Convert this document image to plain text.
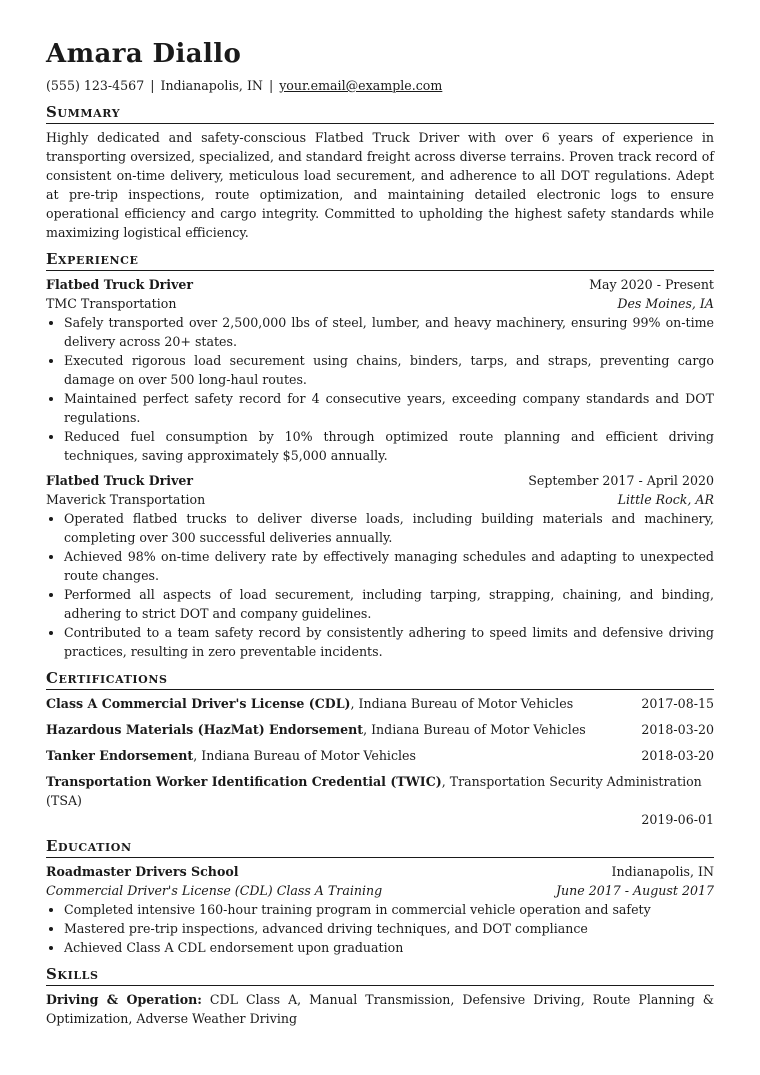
Amara Diallo
(555) 123-4567 | Indianapolis, IN | your.email@example.com
Summary

Highly dedicated and safety-conscious Flatbed Truck Driver with over 6 years of experience in transporting oversized, specialized, and standard freight across diverse terrains. Proven track record of consistent on-time delivery, meticulous load securement, and adherence to all DOT regulations. Adept at pre-trip inspections, route optimization, and maintaining detailed electronic logs to ensure operational efficiency and cargo integrity. Committed to upholding the highest safety standards while maximizing logistical efficiency.

Experience
Flatbed Truck Driver	May 2020 - Present
TMC Transportation	Des Moines, IA
• Safely transported over 2,500,000 lbs of steel, lumber, and heavy machinery, ensuring 99% on-time delivery across 20+ states.
• Executed rigorous load securement using chains, binders, tarps, and straps, preventing cargo damage on over 500 long-haul routes.
• Maintained perfect safety record for 4 consecutive years, exceeding company standards and DOT regulations.
• Reduced fuel consumption by 10% through optimized route planning and efficient driving techniques, saving approximately $5,000 annually.
Flatbed Truck Driver	September 2017 - April 2020
Maverick Transportation	Little Rock, AR
• Operated flatbed trucks to deliver diverse loads, including building materials and machinery, completing over 300 successful deliveries annually.
• Achieved 98% on-time delivery rate by effectively managing schedules and adapting to unexpected route changes.
• Performed all aspects of load securement, including tarping, strapping, chaining, and binding, adhering to strict DOT and company guidelines.
• Contributed to a team safety record by consistently adhering to speed limits and defensive driving practices, resulting in zero preventable incidents.
Certifications
Class A Commercial Driver's License (CDL), Indiana Bureau of Motor Vehicles	2017-08-15
Hazardous Materials (HazMat) Endorsement, Indiana Bureau of Motor Vehicles	2018-03-20
Tanker Endorsement, Indiana Bureau of Motor Vehicles	2018-03-20
Transportation Worker Identification Credential (TWIC), Transportation Security Administration (TSA)
2019-06-01
Education
Roadmaster Drivers School	Indianapolis, IN
Commercial Driver's License (CDL) Class A Training	June 2017 - August 2017
• Completed intensive 160-hour training program in commercial vehicle operation and safety
• Mastered pre-trip inspections, advanced driving techniques, and DOT compliance
• Achieved Class A CDL endorsement upon graduation
Skills

Driving & Operation: CDL Class A, Manual Transmission, Defensive Driving, Route Planning & Optimization, Adverse Weather Driving
